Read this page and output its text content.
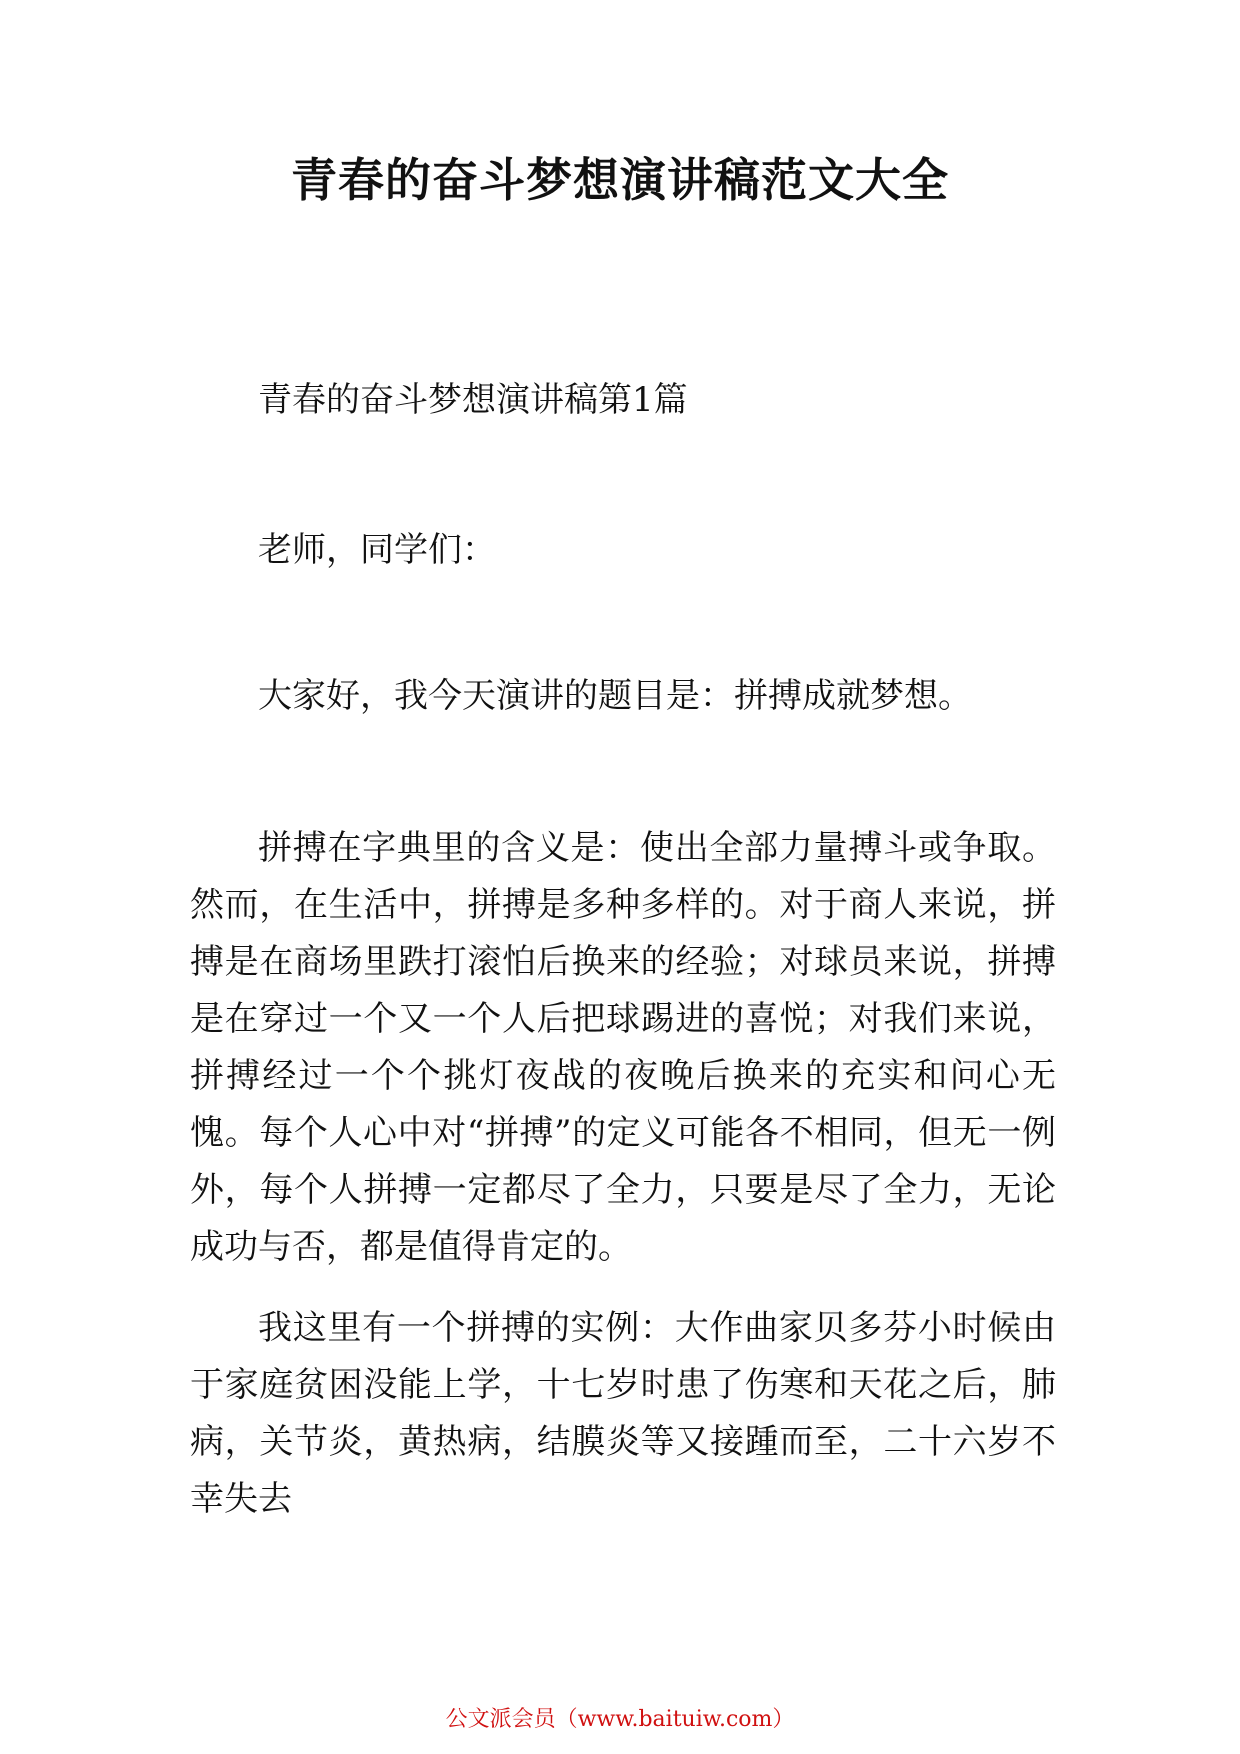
青春的奋斗梦想演讲稿范文大全
青春的奋斗梦想演讲稿第1篇
老师，同学们：
大家好，我今天演讲的题目是：拼搏成就梦想。

拼搏在字典里的含义是：使出全部力量搏斗或争取。然而，在生活中，拼搏是多种多样的。对于商人来说，拼搏是在商场里跌打滚怕后换来的经验；对球员来说，拼搏是在穿过一个又一个人后把球踢进的喜悦；对我们来说，拼搏经过一个个挑灯夜战的夜晚后换来的充实和问心无愧。每个人心中对“拼搏”的定义可能各不相同，但无一例外，每个人拼搏一定都尽了全力，只要是尽了全力，无论成功与否，都是值得肯定的。

我这里有一个拼搏的实例：大作曲家贝多芬小时候由于家庭贫困没能上学，十七岁时患了伤寒和天花之后，肺病，关节炎，黄热病，结膜炎等又接踵而至，二十六岁不幸失去

公文派会员（www.baituiw.com）
